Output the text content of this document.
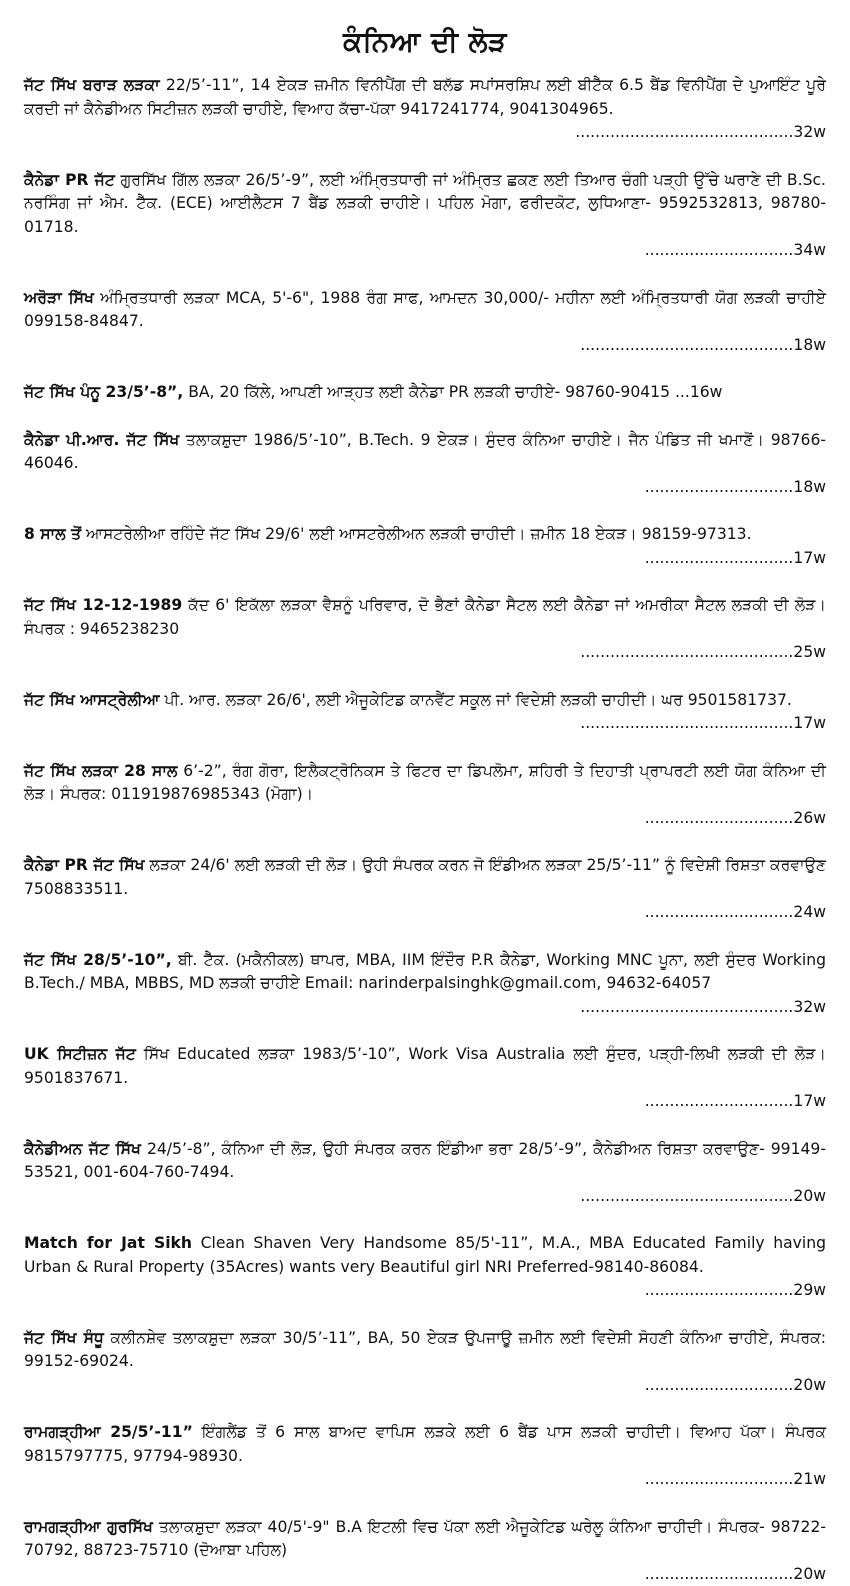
ਕੰਨਿਆ ਦੀ ਲੋੜ
ਜੱਟ ਸਿੱਖ ਬਰਾੜ ਲੜਕਾ 22/5’-11”, 14 ਏਕੜ ਜ਼ਮੀਨ ਵਿਨੀਪੈਂਗ ਦੀ ਬਲੱਡ ਸਪਾਂਸਰਸ਼ਿਪ ਲਈ ਬੀਟੈੱਕ 6.5 ਬੈਂਡ ਵਿਨੀਪੈਂਗ ਦੇ ਪੁਆਇੰਟ ਪੂਰੇ ਕਰਦੀ ਜਾਂ ਕੈਨੇਡੀਅਨ ਸਿਟੀਜ਼ਨ ਲੜਕੀ ਚਾਹੀਏ, ਵਿਆਹ ਕੱਚਾ-ਪੱਕਾ 9417241774, 9041304965.
............................................32w
ਕੈਨੇਡਾ PR ਜੱਟ ਗੁਰਸਿੱਖ ਗਿੱਲ ਲੜਕਾ 26/5’-9”, ਲਈ ਅੰਮ੍ਰਿਤਧਾਰੀ ਜਾਂ ਅੰਮ੍ਰਿਤ ਛਕਣ ਲਈ ਤਿਆਰ ਚੰਗੀ ਪੜ੍ਹੀ ਉੱਚੇ ਘਰਾਣੇ ਦੀ B.Sc. ਨਰਸਿੰਗ ਜਾਂ ਐਮ. ਟੈੱਕ. (ECE) ਆਈਲੈਟਸ 7 ਬੈਂਡ ਲੜਕੀ ਚਾਹੀਏ। ਪਹਿਲ ਮੋਗਾ, ਫਰੀਦਕੋਟ, ਲੁਧਿਆਣਾ- 9592532813, 98780-01718.
..............................34w
ਅਰੋੜਾ ਸਿੱਖ ਅੰਮ੍ਰਿਤਧਾਰੀ ਲੜਕਾ MCA, 5'-6", 1988 ਰੰਗ ਸਾਫ, ਆਮਦਨ 30,000/- ਮਹੀਨਾ ਲਈ ਅੰਮ੍ਰਿਤਧਾਰੀ ਯੋਗ ਲੜਕੀ ਚਾਹੀਏ 099158-84847.
...........................................18w
ਜੱਟ ਸਿੱਖ ਪੰਨੂ 23/5’-8”, BA, 20 ਕਿੱਲੇ, ਆਪਣੀ ਆੜ੍ਹਤ ਲਈ ਕੈਨੇਡਾ PR ਲੜਕੀ ਚਾਹੀਏ- 98760-90415 ...16w
ਕੈਨੇਡਾ ਪੀ.ਆਰ. ਜੱਟ ਸਿੱਖ ਤਲਾਕਸ਼ੁਦਾ 1986/5’-10”, B.Tech. 9 ਏਕੜ। ਸੁੰਦਰ ਕੰਨਿਆ ਚਾਹੀਏ। ਜੈਨ ਪੰਡਿਤ ਜੀ ਖਮਾਣੋਂ। 98766-46046.
..............................18w
8 ਸਾਲ ਤੋਂ ਆਸਟਰੇਲੀਆ ਰਹਿੰਦੇ ਜੱਟ ਸਿੱਖ 29/6' ਲਈ ਆਸਟਰੇਲੀਅਨ ਲੜਕੀ ਚਾਹੀਦੀ। ਜ਼ਮੀਨ 18 ਏਕੜ। 98159-97313.
..............................17w
ਜੱਟ ਸਿੱਖ 12-12-1989 ਕੱਦ 6' ਇਕੱਲਾ ਲੜਕਾ ਵੈਸ਼ਨੂੰ ਪਰਿਵਾਰ, ਦੋ ਭੈਣਾਂ ਕੈਨੇਡਾ ਸੈਟਲ ਲਈ ਕੈਨੇਡਾ ਜਾਂ ਅਮਰੀਕਾ ਸੈਟਲ ਲੜਕੀ ਦੀ ਲੋੜ। ਸੰਪਰਕ : 9465238230
...........................................25w
ਜੱਟ ਸਿੱਖ ਆਸਟ੍ਰੇਲੀਆ ਪੀ. ਆਰ. ਲੜਕਾ 26/6', ਲਈ ਐਜੂਕੇਟਿਡ ਕਾਨਵੈਂਟ ਸਕੂਲ ਜਾਂ ਵਿਦੇਸ਼ੀ ਲੜਕੀ ਚਾਹੀਦੀ। ਘਰ 9501581737.
...........................................17w
ਜੱਟ ਸਿੱਖ ਲੜਕਾ 28 ਸਾਲ 6’-2”, ਰੰਗ ਗੋਰਾ, ਇਲੈਕਟ੍ਰੋਨਿਕਸ ਤੇ ਫਿਟਰ ਦਾ ਡਿਪਲੋਮਾ, ਸ਼ਹਿਰੀ ਤੇ ਦਿਹਾਤੀ ਪ੍ਰਾਪਰਟੀ ਲਈ ਯੋਗ ਕੰਨਿਆ ਦੀ ਲੋੜ। ਸੰਪਰਕ: 011919876985343 (ਮੋਗਾ)।
..............................26w
ਕੈਨੇਡਾ PR ਜੱਟ ਸਿੱਖ ਲੜਕਾ 24/6' ਲਈ ਲੜਕੀ ਦੀ ਲੋੜ। ਉਹੀ ਸੰਪਰਕ ਕਰਨ ਜੋ ਇੰਡੀਅਨ ਲੜਕਾ 25/5’-11” ਨੂੰ ਵਿਦੇਸ਼ੀ ਰਿਸ਼ਤਾ ਕਰਵਾਉਣ 7508833511.
..............................24w
ਜੱਟ ਸਿੱਖ 28/5’-10”, ਬੀ. ਟੈੱਕ. (ਮਕੈਨੀਕਲ) ਥਾਪਰ, MBA, IIM ਇੰਦੌਰ P.R ਕੈਨੇਡਾ, Working MNC ਪੂਨਾ, ਲਈ ਸੁੰਦਰ Working B.Tech./ MBA, MBBS, MD ਲੜਕੀ ਚਾਹੀਏ Email: narinderpalsinghk@gmail.com, 94632-64057
...........................................32w
UK ਸਿਟੀਜ਼ਨ ਜੱਟ ਸਿੱਖ Educated ਲੜਕਾ 1983/5’-10”, Work Visa Australia ਲਈ ਸੁੰਦਰ, ਪੜ੍ਹੀ-ਲਿਖੀ ਲੜਕੀ ਦੀ ਲੋੜ। 9501837671.
..............................17w
ਕੈਨੇਡੀਅਨ ਜੱਟ ਸਿੱਖ 24/5’-8”, ਕੰਨਿਆ ਦੀ ਲੋੜ, ਉਹੀ ਸੰਪਰਕ ਕਰਨ ਇੰਡੀਆ ਭਰਾ 28/5’-9”, ਕੈਨੇਡੀਅਨ ਰਿਸ਼ਤਾ ਕਰਵਾਉਣ- 99149-53521, 001-604-760-7494.
...........................................20w
Match for Jat Sikh Clean Shaven Very Handsome 85/5'-11”, M.A., MBA Educated Family having Urban & Rural Property (35Acres) wants very Beautiful girl NRI Preferred-98140-86084.
..............................29w
ਜੱਟ ਸਿੱਖ ਸੰਧੂ ਕਲੀਨਸ਼ੇਵ ਤਲਾਕਸ਼ੁਦਾ ਲੜਕਾ 30/5’-11”, BA, 50 ਏਕੜ ਉਪਜਾਊ ਜ਼ਮੀਨ ਲਈ ਵਿਦੇਸ਼ੀ ਸੋਹਣੀ ਕੰਨਿਆ ਚਾਹੀਏ, ਸੰਪਰਕ: 99152-69024.
..............................20w
ਰਾਮਗੜ੍ਹੀਆ 25/5’-11” ਇੰਗਲੈਂਡ ਤੋਂ 6 ਸਾਲ ਬਾਅਦ ਵਾਪਿਸ ਲੜਕੇ ਲਈ 6 ਬੈਂਡ ਪਾਸ ਲੜਕੀ ਚਾਹੀਦੀ। ਵਿਆਹ ਪੱਕਾ। ਸੰਪਰਕ 9815797775, 97794-98930.
..............................21w
ਰਾਮਗੜ੍ਹੀਆ ਗੁਰਸਿੱਖ ਤਲਾਕਸ਼ੁਦਾ ਲੜਕਾ 40/5'-9" B.A ਇਟਲੀ ਵਿਚ ਪੱਕਾ ਲਈ ਐਜੂਕੇਟਿਡ ਘਰੇਲੂ ਕੰਨਿਆ ਚਾਹੀਦੀ। ਸੰਪਰਕ- 98722-70792, 88723-75710 (ਦੋਆਬਾ ਪਹਿਲ)
..............................20w
